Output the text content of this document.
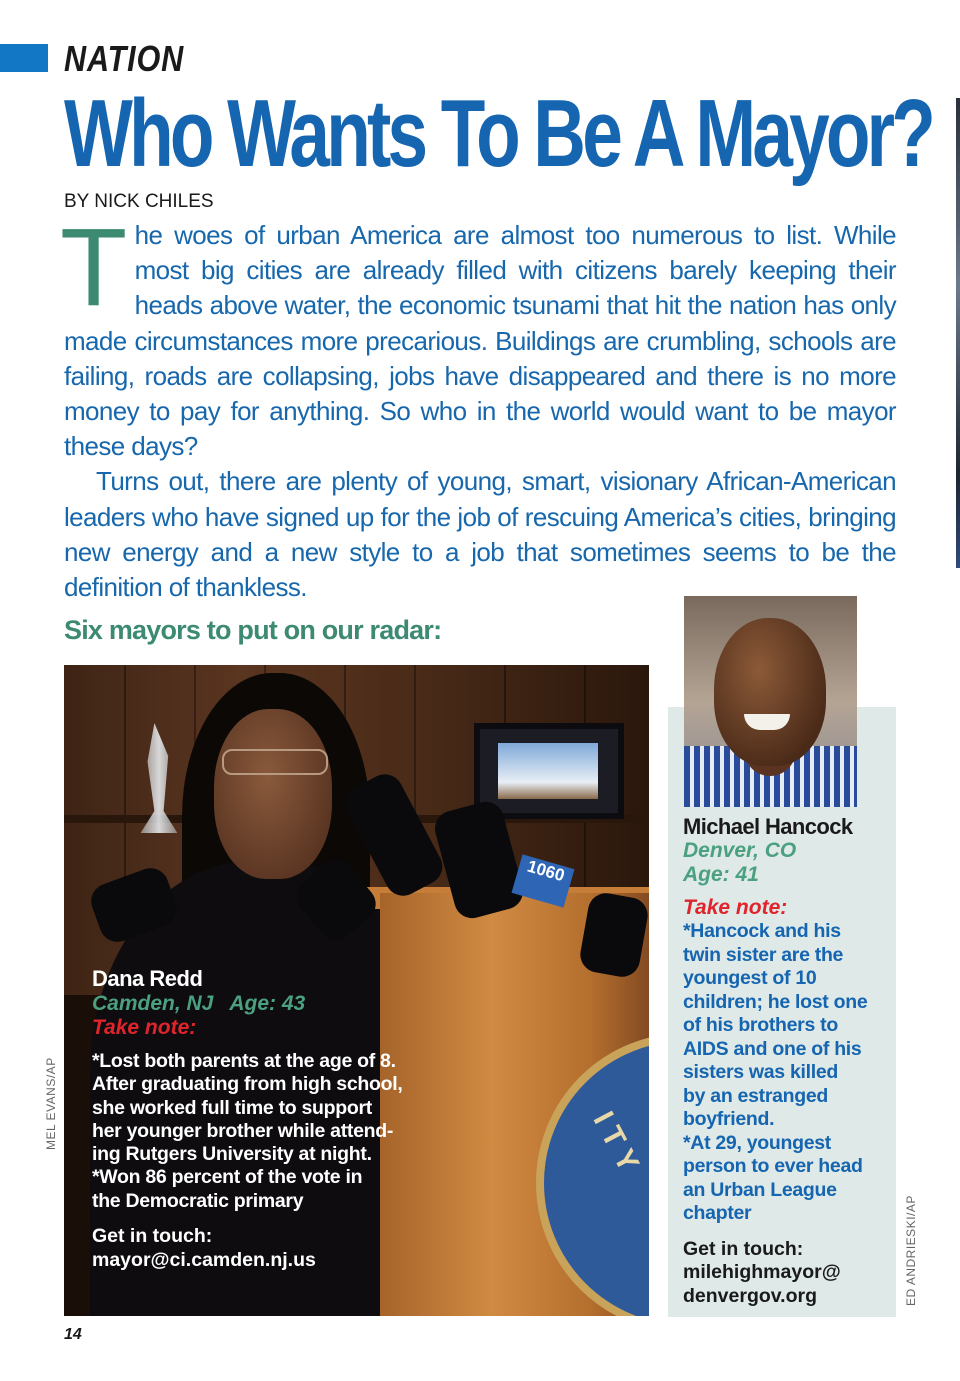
NATION
Who Wants To Be A Mayor?
BY NICK CHILES
T he woes of urban America are almost too numerous to list. While most big cities are already filled with citizens barely keeping their heads above water, the economic tsunami that hit the nation has only made circumstances more precarious. Buildings are crumbling, schools are failing, roads are collapsing, jobs have disappeared and there is no more money to pay for anything. So who in the world would want to be mayor these days?

Turns out, there are plenty of young, smart, visionary African-American leaders who have signed up for the job of rescuing America’s cities, bringing new energy and a new style to a job that sometimes seems to be the definition of thankless.

Six mayors to put on our radar:
I T Y
1060
Dana Redd
Camden, NJ Age: 43
Take note:
*Lost both parents at the age of 8.
After graduating from high school,
she worked full time to support
her younger brother while attend-
ing Rutgers University at night.
*Won 86 percent of the vote in
the Democratic primary
Get in touch:
mayor@ci.camden.nj.us
MEL EVANS/AP
Michael Hancock
Denver, CO
Age: 41
Take note:
*Hancock and his
twin sister are the
youngest of 10
children; he lost one
of his brothers to
AIDS and one of his
sisters was killed
by an estranged
boyfriend.
*At 29, youngest
person to ever head
an Urban League
chapter
Get in touch:
milehighmayor@
denvergov.org	ED ANDRIESKI/AP
14
